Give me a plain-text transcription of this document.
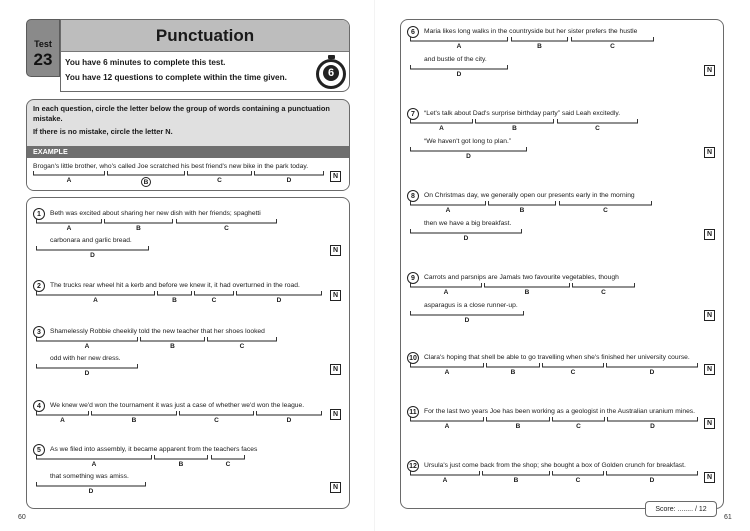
Test
23
Punctuation
You have 6 minutes to complete this test.
You have 12 questions to complete within the time given.	6
In each question, circle the letter below the group of words containing a punctuation mistake.
If there is no mistake, circle the letter N.
EXAMPLE
Brogan's little brother, who's called Joe scratched his best friend's new bike in the park today.
A	B	C	D
N
1	Beth was excited about sharing her new dish with her friends; spaghetti
A	B	C
carbonara and garlic bread.
D
N
2	The trucks rear wheel hit a kerb and before we knew it, it had overturned in the road.
A	B	C	D
N
3	Shamelessly Robbie cheekily told the new teacher that her shoes looked
A	B	C
odd with her new dress.
D
N
4	We knew we'd won the tournament it was just a case of whether we'd won the league.
A	B	C	D
N
5	As we filed into assembly, it became apparent from the teachers faces
A	B	C
that something was amiss.
D
N
6	Maria likes long walks in the countryside but her sister prefers the hustle
A	B	C
and bustle of the city.
D
N
7	“Let's talk about Dad's surprise birthday party” said Leah excitedly.
A	B	C
“We haven't got long to plan.”
D
N
8	On Christmas day, we generally open our presents early in the morning
A	B	C
then we have a big breakfast.
D
N
9	Carrots and parsnips are Jamals two favourite vegetables, though
A	B	C
asparagus is a close runner-up.
D
N
10	Clara's hoping that shell be able to go travelling when she's finished her university course.
A	B	C	D	N
11	For the last two years Joe has been working as a geologist in the Australian uranium mines.
A	B	C	D	N
12	Ursula's just come back from the shop; she bought a box of Golden crunch for breakfast.
A	B	C	D	N
Score: ........ / 12
60	61
